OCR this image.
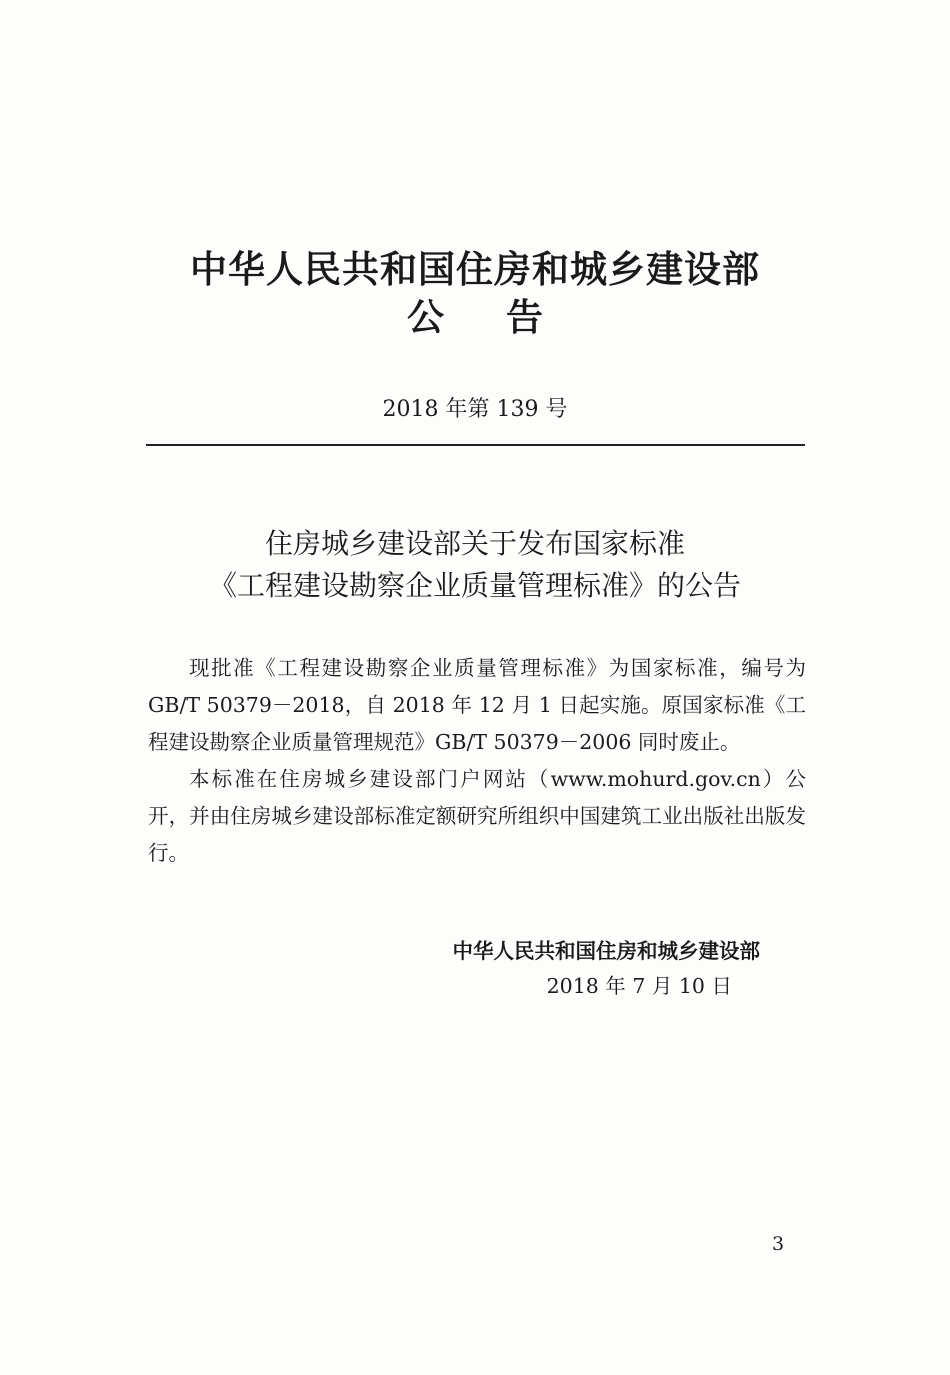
中华人民共和国住房和城乡建设部
公告
2018 年第 139 号
住房城乡建设部关于发布国家标准
《工程建设勘察企业质量管理标准》的公告

现批准《工程建设勘察企业质量管理标准》为国家标准，编号为 GB/T 50379－2018，自 2018 年 12 月 1 日起实施。原国家标准《工程建设勘察企业质量管理规范》GB/T 50379－2006 同时废止。

本标准在住房城乡建设部门户网站（www.mohurd.gov.cn）公开，并由住房城乡建设部标准定额研究所组织中国建筑工业出版社出版发行。

中华人民共和国住房和城乡建设部
2018 年 7 月 10 日
3
